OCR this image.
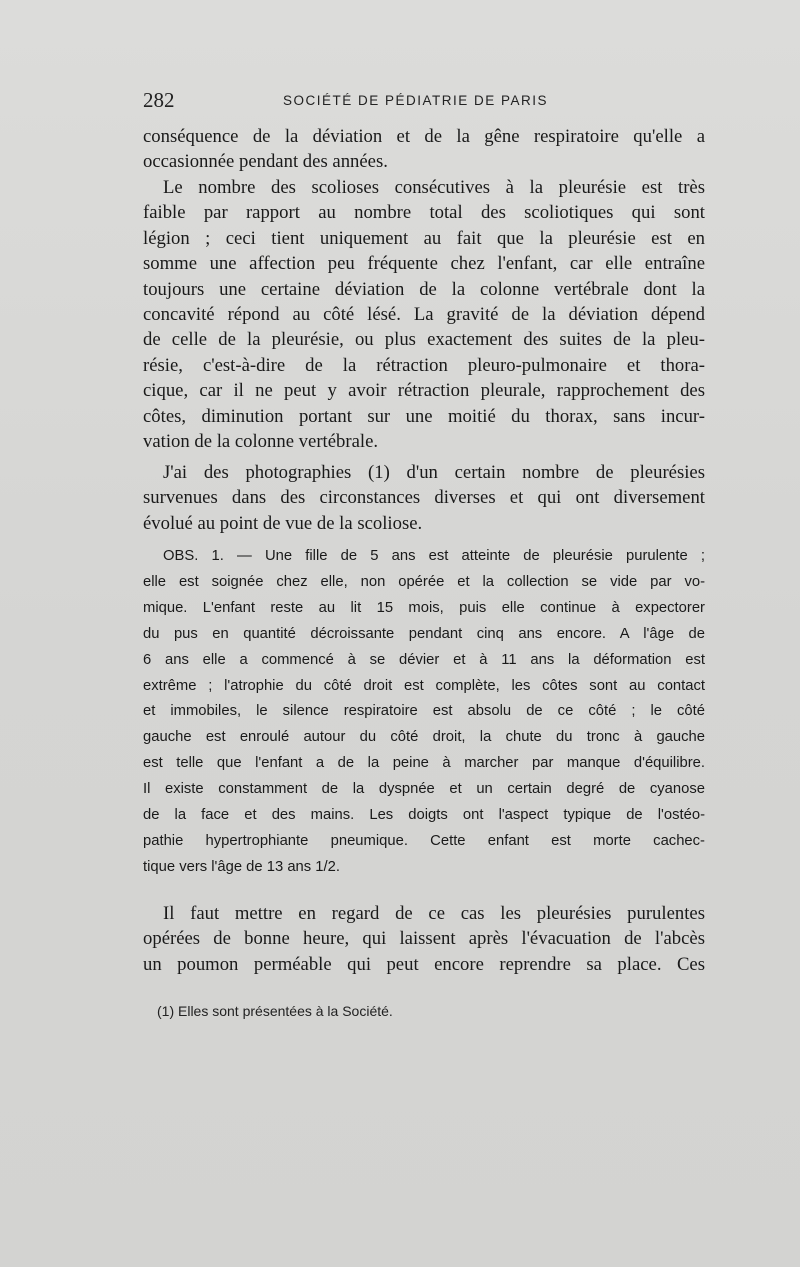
282	SOCIÉTÉ DE PÉDIATRIE DE PARIS
conséquence de la déviation et de la gêne respiratoire qu'elle a
occasionnée pendant des années.
Le nombre des scolioses consécutives à la pleurésie est très
faible par rapport au nombre total des scoliotiques qui sont
légion ; ceci tient uniquement au fait que la pleurésie est en
somme une affection peu fréquente chez l'enfant, car elle entraîne
toujours une certaine déviation de la colonne vertébrale dont la
concavité répond au côté lésé. La gravité de la déviation dépend
de celle de la pleurésie, ou plus exactement des suites de la pleu-
résie, c'est-à-dire de la rétraction pleuro-pulmonaire et thora-
cique, car il ne peut y avoir rétraction pleurale, rapprochement des
côtes, diminution portant sur une moitié du thorax, sans incur-
vation de la colonne vertébrale.
J'ai des photographies (1) d'un certain nombre de pleurésies
survenues dans des circonstances diverses et qui ont diversement
évolué au point de vue de la scoliose.
OBS. 1. — Une fille de 5 ans est atteinte de pleurésie purulente ;
elle est soignée chez elle, non opérée et la collection se vide par vo-
mique. L'enfant reste au lit 15 mois, puis elle continue à expectorer
du pus en quantité décroissante pendant cinq ans encore. A l'âge de
6 ans elle a commencé à se dévier et à 11 ans la déformation est
extrême ; l'atrophie du côté droit est complète, les côtes sont au contact
et immobiles, le silence respiratoire est absolu de ce côté ; le côté
gauche est enroulé autour du côté droit, la chute du tronc à gauche
est telle que l'enfant a de la peine à marcher par manque d'équilibre.
Il existe constamment de la dyspnée et un certain degré de cyanose
de la face et des mains. Les doigts ont l'aspect typique de l'ostéo-
pathie hypertrophiante pneumique. Cette enfant est morte cachec-
tique vers l'âge de 13 ans 1/2.
Il faut mettre en regard de ce cas les pleurésies purulentes
opérées de bonne heure, qui laissent après l'évacuation de l'abcès
un poumon perméable qui peut encore reprendre sa place. Ces
(1) Elles sont présentées à la Société.
